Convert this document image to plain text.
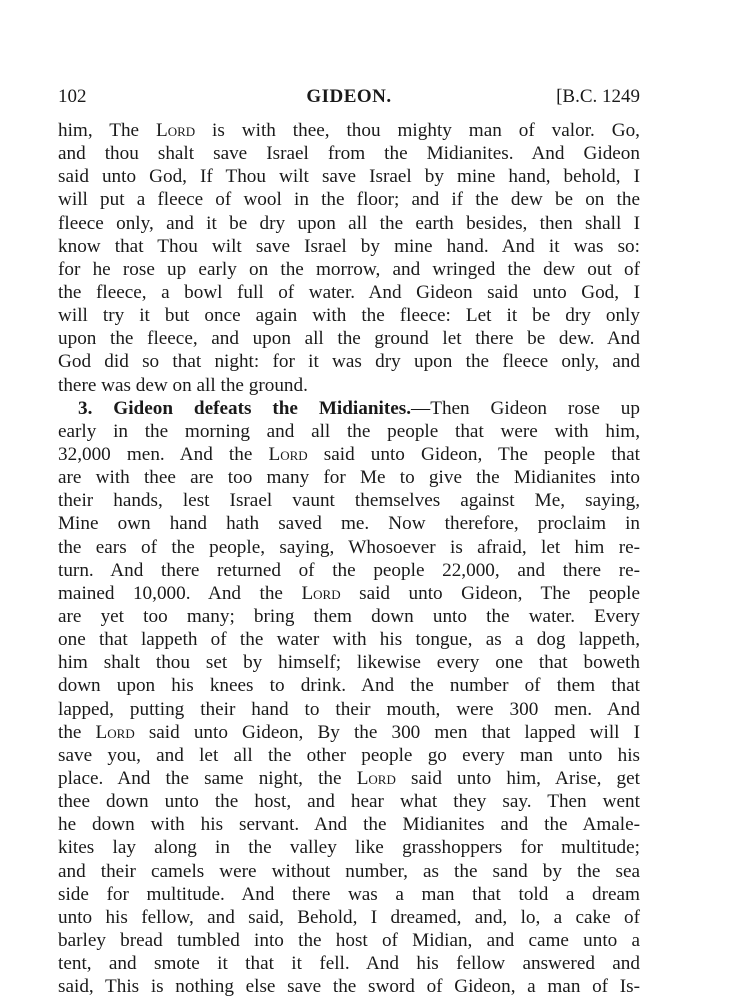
102	GIDEON.	[B.C. 1249
him, The Lord is with thee, thou mighty man of valor. Go,
and thou shalt save Israel from the Midianites. And Gideon
said unto God, If Thou wilt save Israel by mine hand, behold, I
will put a fleece of wool in the floor; and if the dew be on the
fleece only, and it be dry upon all the earth besides, then shall I
know that Thou wilt save Israel by mine hand. And it was so:
for he rose up early on the morrow, and wringed the dew out of
the fleece, a bowl full of water. And Gideon said unto God, I
will try it but once again with the fleece: Let it be dry only
upon the fleece, and upon all the ground let there be dew. And
God did so that night: for it was dry upon the fleece only, and
there was dew on all the ground.
3. Gideon defeats the Midianites.—Then Gideon rose up
early in the morning and all the people that were with him,
32,000 men. And the Lord said unto Gideon, The people that
are with thee are too many for Me to give the Midianites into
their hands, lest Israel vaunt themselves against Me, saying,
Mine own hand hath saved me. Now therefore, proclaim in
the ears of the people, saying, Whosoever is afraid, let him re-
turn. And there returned of the people 22,000, and there re-
mained 10,000. And the Lord said unto Gideon, The people
are yet too many; bring them down unto the water. Every
one that lappeth of the water with his tongue, as a dog lappeth,
him shalt thou set by himself; likewise every one that boweth
down upon his knees to drink. And the number of them that
lapped, putting their hand to their mouth, were 300 men. And
the Lord said unto Gideon, By the 300 men that lapped will I
save you, and let all the other people go every man unto his
place. And the same night, the Lord said unto him, Arise, get
thee down unto the host, and hear what they say. Then went
he down with his servant. And the Midianites and the Amale-
kites lay along in the valley like grasshoppers for multitude;
and their camels were without number, as the sand by the sea
side for multitude. And there was a man that told a dream
unto his fellow, and said, Behold, I dreamed, and, lo, a cake of
barley bread tumbled into the host of Midian, and came unto a
tent, and smote it that it fell. And his fellow answered and
said, This is nothing else save the sword of Gideon, a man of Is-
